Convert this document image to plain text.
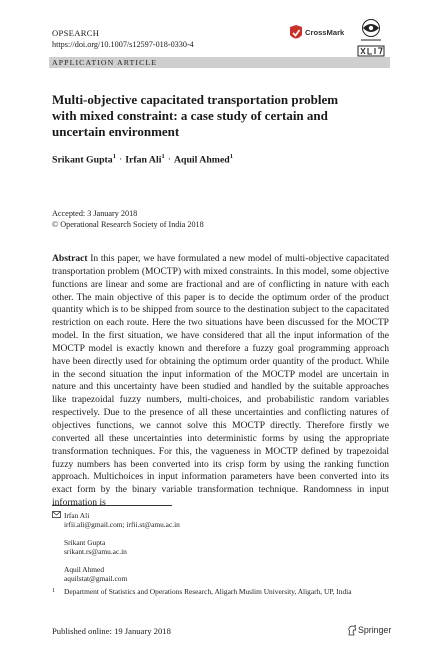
OPSEARCH
https://doi.org/10.1007/s12597-018-0330-4
CrossMark
APPLICATION ARTICLE
Multi-objective capacitated transportation problem with mixed constraint: a case study of certain and uncertain environment
Srikant Gupta$^1$ · Irfan Ali$^1$ · Aquil Ahmed$^1$
Accepted: 3 January 2018
© Operational Research Society of India 2018
Abstract In this paper, we have formulated a new model of multi-objective capacitated transportation problem (MOCTP) with mixed constraints. In this model, some objective functions are linear and some are fractional and are of conflicting in nature with each other. The main objective of this paper is to decide the optimum order of the product quantity which is to be shipped from source to the destination subject to the capacitated restriction on each route. Here the two situations have been discussed for the MOCTP model. In the first situation, we have considered that all the input information of the MOCTP model is exactly known and therefore a fuzzy goal programming approach have been directly used for obtaining the optimum order quantity of the product. While in the second situation the input information of the MOCTP model are uncertain in nature and this uncertainty have been studied and handled by the suitable approaches like trapezoidal fuzzy numbers, multi-choices, and probabilistic random variables respectively. Due to the presence of all these uncertainties and conflicting natures of objectives functions, we cannot solve this MOCTP directly. Therefore firstly we converted all these uncertainties into deterministic forms by using the appropriate transformation techniques. For this, the vagueness in MOCTP defined by trapezoidal fuzzy numbers has been converted into its crisp form by using the ranking function approach. Multichoices in input information parameters have been converted into its exact form by the binary variable transformation technique. Randomness in input information is
Irfan Ali
irfii.ali@gmail.com; irfii.st@amu.ac.in
Srikant Gupta
srikant.rs@amu.ac.in
Aquil Ahmed
aquilstat@gmail.com
1 Department of Statistics and Operations Research, Aligarh Muslim University, Aligarh, UP, India
Published online: 19 January 2018	Springer
